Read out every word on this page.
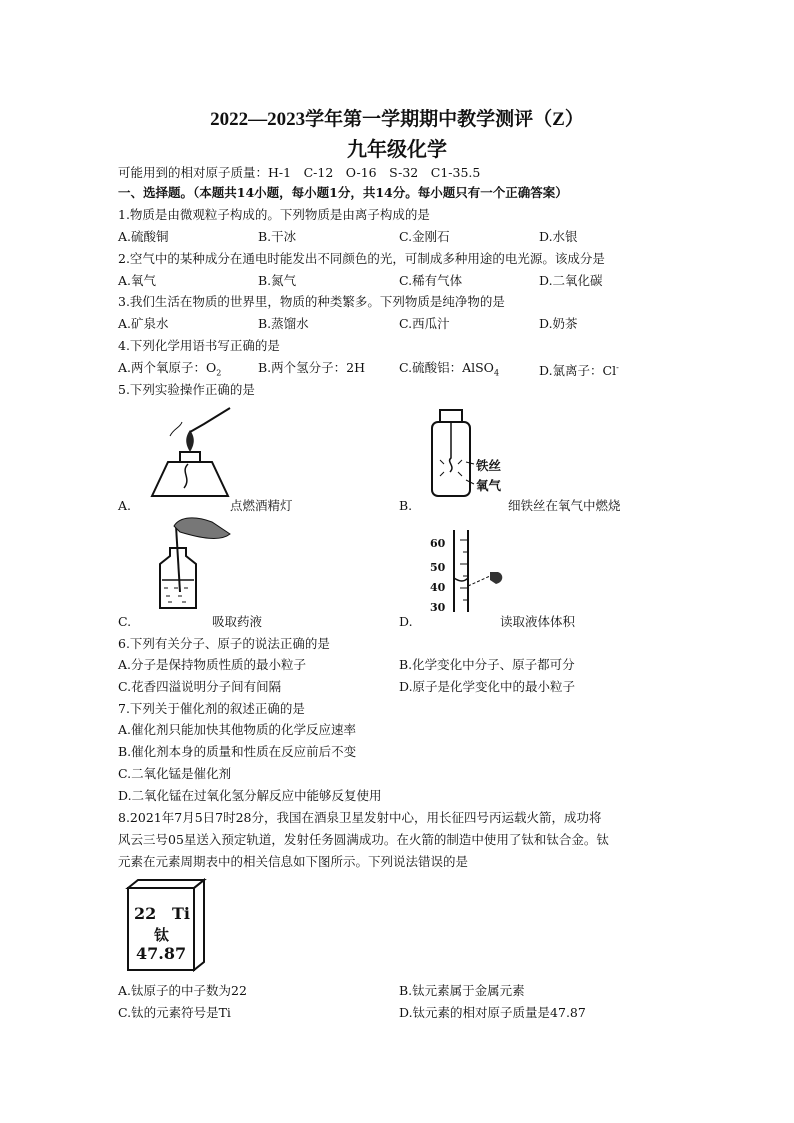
2022—2023学年第一学期期中教学测评（Z）
九年级化学
可能用到的相对原子质量：H-1　C-12　O-16　S-32　C1-35.5
一、选择题。（本题共14小题，每小题1分，共14分。每小题只有一个正确答案）
1.物质是由微观粒子构成的。下列物质是由离子构成的是
A.硫酸铜	B.干冰	C.金刚石	D.水银
2.空气中的某种成分在通电时能发出不同颜色的光，可制成多种用途的电光源。该成分是
A.氧气	B.氮气	C.稀有气体	D.二氧化碳
3.我们生活在物质的世界里，物质的种类繁多。下列物质是纯净物的是
A.矿泉水	B.蒸馏水	C.西瓜汁	D.奶茶
4.下列化学用语书写正确的是
A.两个氧原子：$O_2$	B.两个氢分子：2H	C.硫酸铝：AlSO$_4$	D.氯离子：Cl-
5.下列实验操作正确的是
A.	点燃酒精灯
铁丝
氧气
B.	细铁丝在氧气中燃烧
C.	吸取药液
60
50
40
30
D.	读取液体体积
6.下列有关分子、原子的说法正确的是
A.分子是保持物质性质的最小粒子	B.化学变化中分子、原子都可分
C.花香四溢说明分子间有间隔	D.原子是化学变化中的最小粒子
7.下列关于催化剂的叙述正确的是
A.催化剂只能加快其他物质的化学反应速率
B.催化剂本身的质量和性质在反应前后不变
C.二氧化锰是催化剂
D.二氧化锰在过氧化氢分解反应中能够反复使用
8.2021年7月5日7时28分，我国在酒泉卫星发射中心，用长征四号丙运载火箭，成功将
风云三号05星送入预定轨道，发射任务圆满成功。在火箭的制造中使用了钛和钛合金。钛
元素在元素周期表中的相关信息如下图所示。下列说法错误的是
22 Ti
钛
47.87
A.钛原子的中子数为22	B.钛元素属于金属元素
C.钛的元素符号是Ti	D.钛元素的相对原子质量是47.87
